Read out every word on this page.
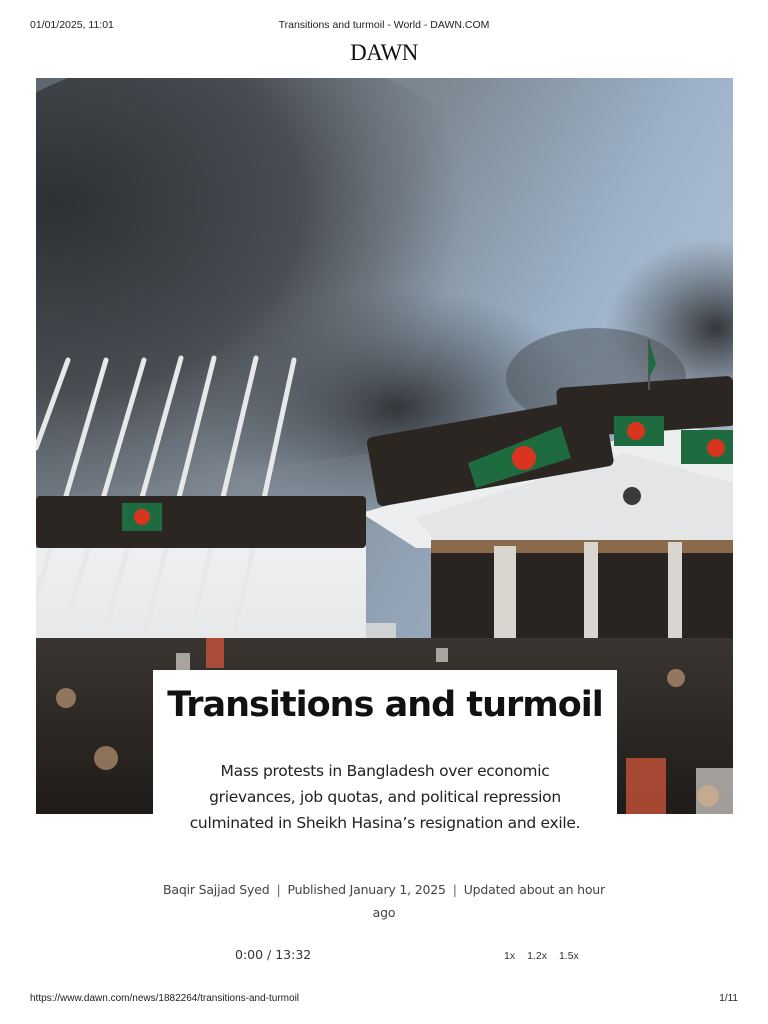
01/01/2025, 11:01	Transitions and turmoil - World - DAWN.COM
DAWN
Transitions and turmoil

Mass protests in Bangladesh over economic grievances, job quotas, and political repression culminated in Sheikh Hasina’s resignation and exile.

Baqir Sajjad Syed | Published January 1, 2025 | Updated about an hour ago
0:00 / 13:32	1x 1.2x 1.5x
https://www.dawn.com/news/1882264/transitions-and-turmoil	1/11
